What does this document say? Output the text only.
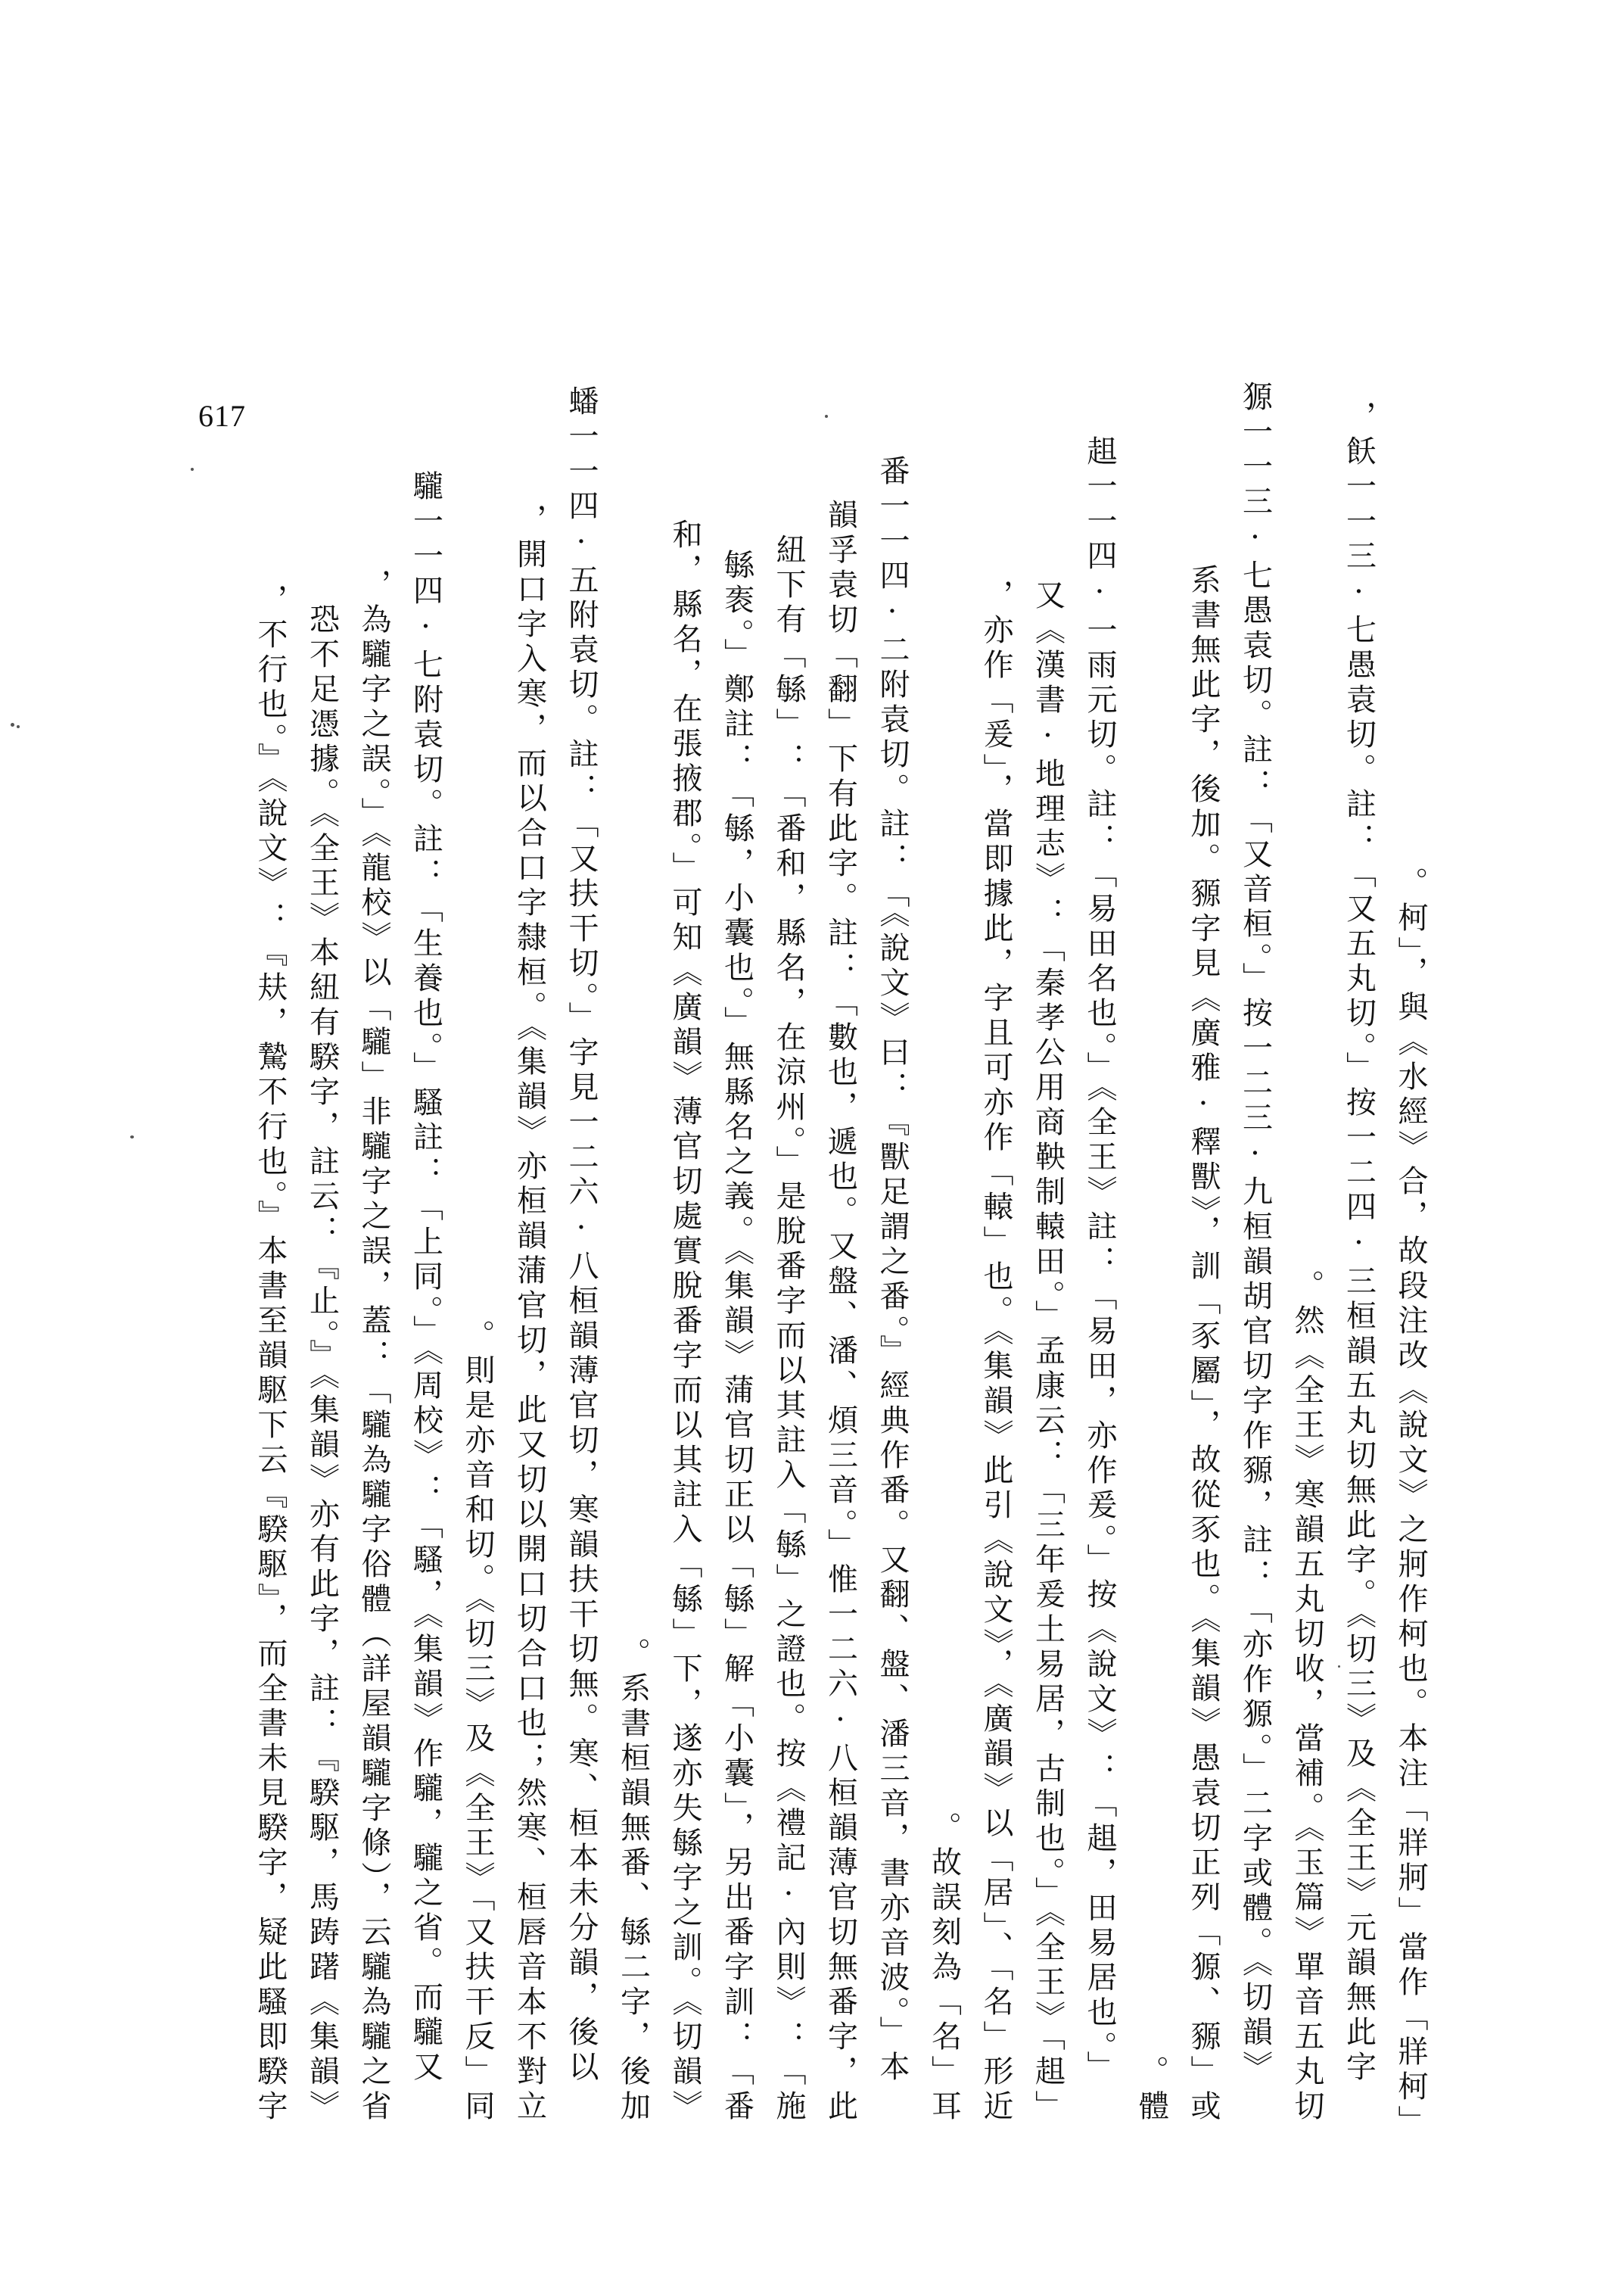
617
柯」，與《水經》合，故段注改《說文》之牁作柯也。本注「牂牁」當作「牂柯」。
飫一一三·七愚袁切。註：「又五丸切。」按一二四·三桓韻五丸切無此字。《切三》及《全王》元韻無此字，
然《全王》寒韻五丸切收，當補。《玉篇》單音五丸切。
獂一一三·七愚袁切。註：「又音桓。」按一二三·九桓韻胡官切字作豲，註：「亦作獂。」二字或體。《切韻》
系書無此字，後加。豲字見《廣雅·釋獸》，訓「豕屬」，故從豕也。《集韻》愚袁切正列「獂、豲」或
體。
趄一一四·一雨元切。註：「易田名也。」《全王》註：「易田，亦作爰。」按《說文》：「趄，田易居也。」
又《漢書·地理志》：「秦孝公用商鞅制轅田。」孟康云：「三年爰土易居，古制也。」《全王》「趄」
亦作「爰」，當即據此，字且可亦作「轅」也。《集韻》此引《說文》，《廣韻》以「居」、「名」形近，
故誤刻為「名」耳。
番一一四·二附袁切。註：「《說文》曰：『獸足謂之番。』經典作番。又翻、盤、潘三音，書亦音波。」本
韻孚袁切「翻」下有此字。註：「數也，遞也。又盤、潘、煩三音。」惟一二六·八桓韻薄官切無番字，此
紐下有「緐」：「番和，縣名，在涼州。」是脫番字而以其註入「緐」之證也。按《禮記·內則》：「施
緐袠。」鄭註：「緐，小囊也。」無縣名之義。《集韻》蒲官切正以「緐」解「小囊」，另出番字訓：「番
和，縣名，在張掖郡。」可知《廣韻》薄官切處實脫番字而以其註入「緐」下，遂亦失緐字之訓。《切韻》
系書桓韻無番、緐二字，後加。
蟠一一四·五附袁切。註：「又扶干切。」字見一二六·八桓韻薄官切，寒韻扶干切無。寒、桓本未分韻，後以
開口字入寒，而以合口字隸桓。《集韻》亦桓韻蒲官切，此又切以開口切合口也；然寒、桓唇音本不對立，
則是亦音和切。《切三》及《全王》「又扶干反」同。
䮾一一四·七附袁切。註：「生養也。」騷註：「上同。」《周校》：「騷，《集韻》作䮾，䮾之省。而䮾又
為䮾字之誤。」《龍校》以「䮾」非䮾字之誤，蓋：「䮾為䮾字俗體（詳屋韻䮾字條），云䮾為䮾之省，
《集韻》恐不足憑據。《全王》本紐有騤字，註云：『止。』《集韻》亦有此字，註：『騤駆，馬踌躇
不行也。』《說文》：『㚘，騺不行也。』本書至韻駆下云『騤駆』，而全書未見騤字，疑此騷即騤字，
